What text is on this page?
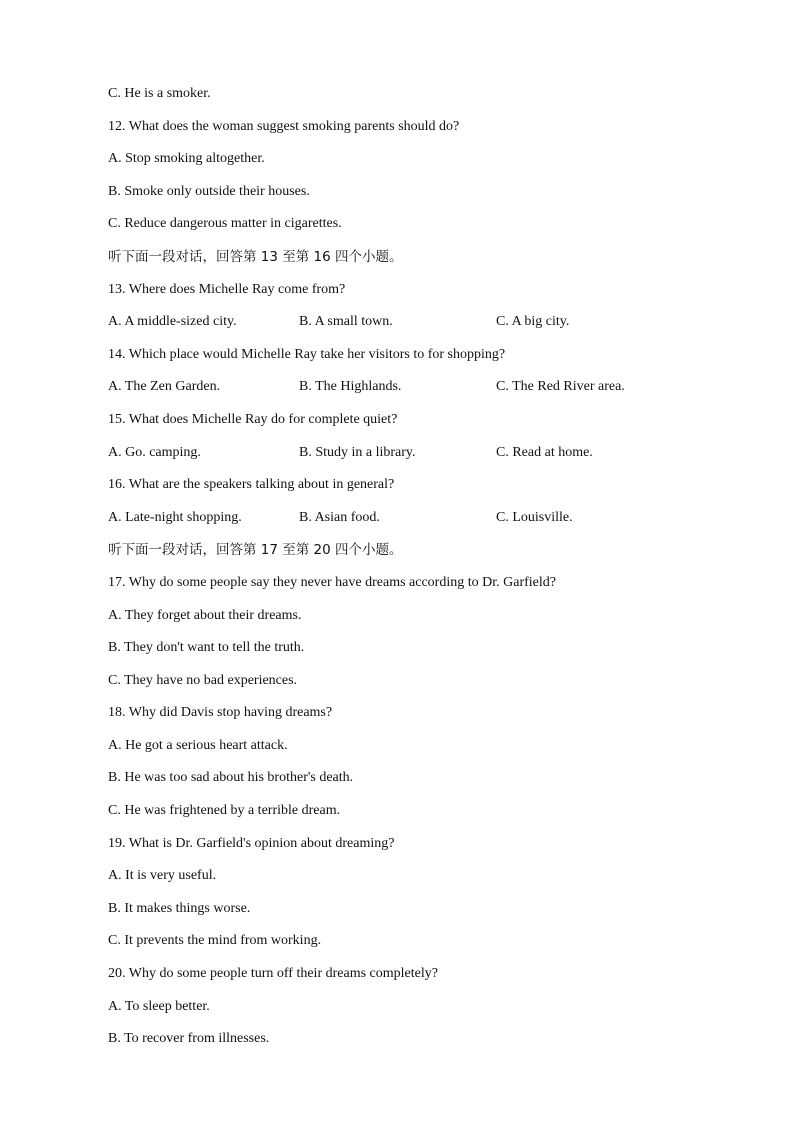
C. He is a smoker.
12. What does the woman suggest smoking parents should do?
A. Stop smoking altogether.
B. Smoke only outside their houses.
C. Reduce dangerous matter in cigarettes.
听下面一段对话，回答第 13 至第 16 四个小题。
13. Where does Michelle Ray come from?
A. A middle-sized city.	B. A small town.	C. A big city.
14. Which place would Michelle Ray take her visitors to for shopping?
A. The Zen Garden.	B. The Highlands.	C. The Red River area.
15. What does Michelle Ray do for complete quiet?
A. Go. camping.	B. Study in a library.	C. Read at home.
16. What are the speakers talking about in general?
A. Late-night shopping.	B. Asian food.	C. Louisville.
听下面一段对话，回答第 17 至第 20 四个小题。
17. Why do some people say they never have dreams according to Dr. Garfield?
A. They forget about their dreams.
B. They don't want to tell the truth.
C. They have no bad experiences.
18. Why did Davis stop having dreams?
A. He got a serious heart attack.
B. He was too sad about his brother's death.
C. He was frightened by a terrible dream.
19. What is Dr. Garfield's opinion about dreaming?
A. It is very useful.
B. It makes things worse.
C. It prevents the mind from working.
20. Why do some people turn off their dreams completely?
A. To sleep better.
B. To recover from illnesses.
